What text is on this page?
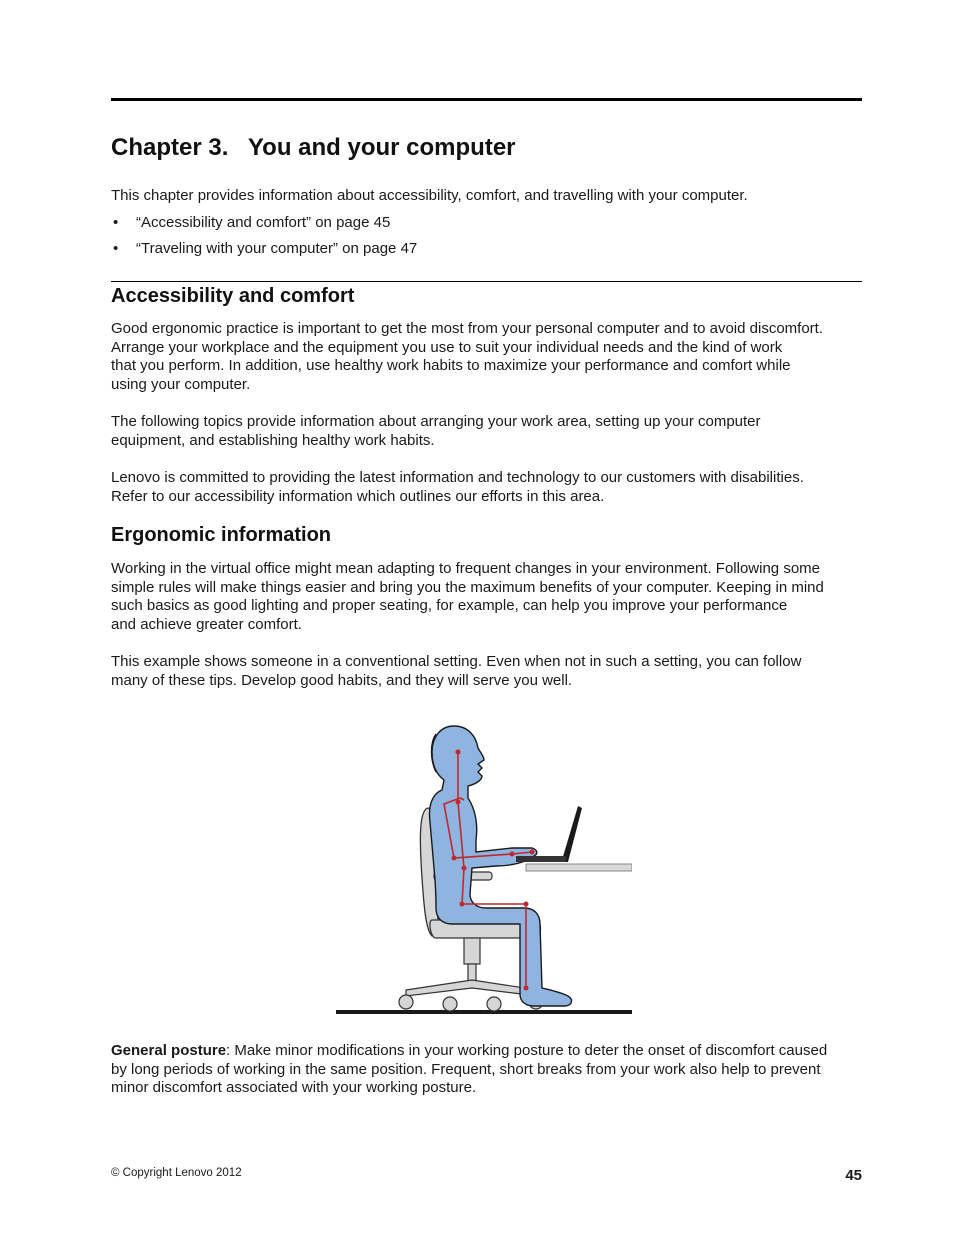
Chapter 3.   You and your computer

This chapter provides information about accessibility, comfort, and travelling with your computer.

• “Accessibility and comfort” on page 45
• “Traveling with your computer” on page 47
Accessibility and comfort

Good ergonomic practice is important to get the most from your personal computer and to avoid discomfort.
Arrange your workplace and the equipment you use to suit your individual needs and the kind of work
that you perform. In addition, use healthy work habits to maximize your performance and comfort while
using your computer.

The following topics provide information about arranging your work area, setting up your computer
equipment, and establishing healthy work habits.

Lenovo is committed to providing the latest information and technology to our customers with disabilities.
Refer to our accessibility information which outlines our efforts in this area.

Ergonomic information

Working in the virtual office might mean adapting to frequent changes in your environment. Following some
simple rules will make things easier and bring you the maximum benefits of your computer. Keeping in mind
such basics as good lighting and proper seating, for example, can help you improve your performance
and achieve greater comfort.

This example shows someone in a conventional setting. Even when not in such a setting, you can follow
many of these tips. Develop good habits, and they will serve you well.

General posture: Make minor modifications in your working posture to deter the onset of discomfort caused
by long periods of working in the same position. Frequent, short breaks from your work also help to prevent
minor discomfort associated with your working posture.

© Copyright Lenovo 2012	45
